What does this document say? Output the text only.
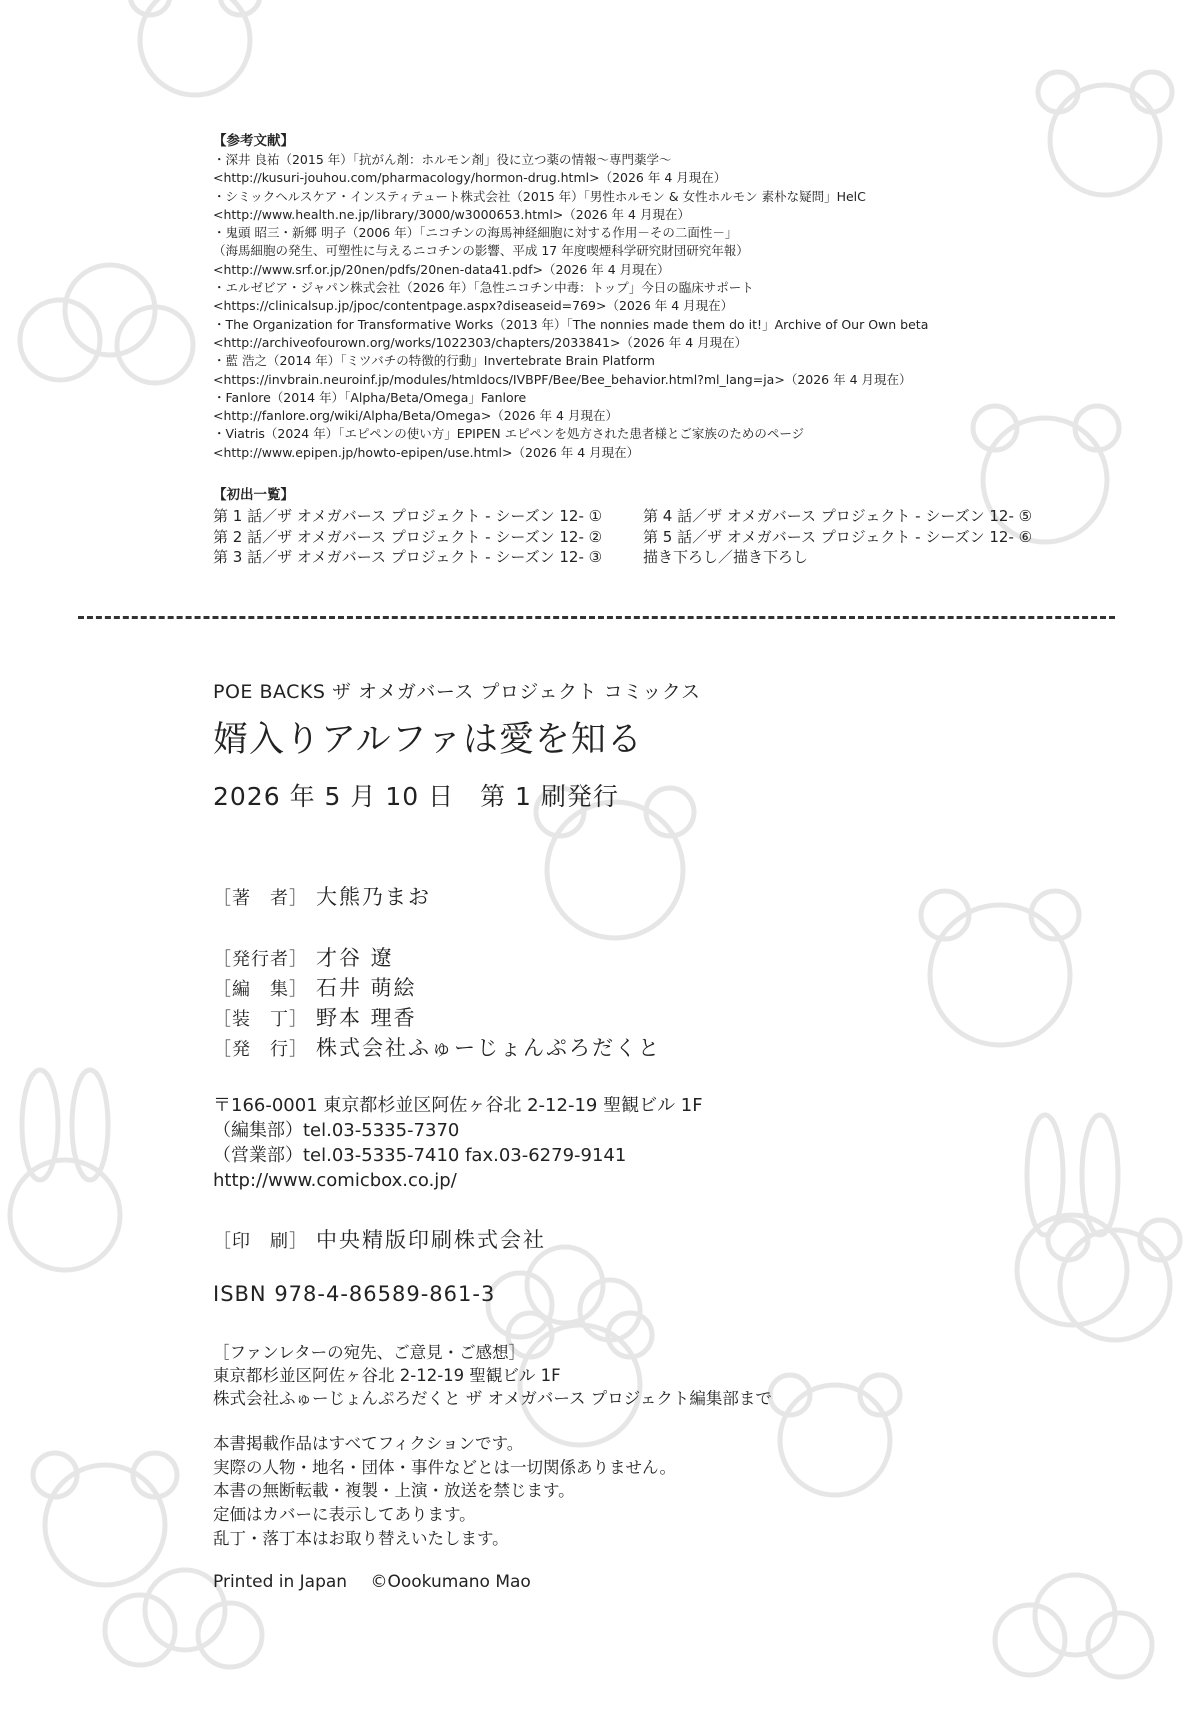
【参考文献】
・深井 良祐（2015 年）「抗がん剤：ホルモン剤」役に立つ薬の情報～専門薬学～
<http://kusuri-jouhou.com/pharmacology/hormon-drug.html>（2026 年 4 月現在）
・シミックヘルスケア・インスティテュート株式会社（2015 年）「男性ホルモン & 女性ホルモン 素朴な疑問」HelC
<http://www.health.ne.jp/library/3000/w3000653.html>（2026 年 4 月現在）
・鬼頭 昭三・新郷 明子（2006 年）「ニコチンの海馬神経細胞に対する作用－その二面性－」
（海馬細胞の発生、可塑性に与えるニコチンの影響、平成 17 年度喫煙科学研究財団研究年報）
<http://www.srf.or.jp/20nen/pdfs/20nen-data41.pdf>（2026 年 4 月現在）
・エルゼビア・ジャパン株式会社（2026 年）「急性ニコチン中毒：トップ」今日の臨床サポート
<https://clinicalsup.jp/jpoc/contentpage.aspx?diseaseid=769>（2026 年 4 月現在）
・The Organization for Transformative Works（2013 年）「The nonnies made them do it!」Archive of Our Own beta
<http://archiveofourown.org/works/1022303/chapters/2033841>（2026 年 4 月現在）
・藍 浩之（2014 年）「ミツバチの特徴的行動」Invertebrate Brain Platform
<https://invbrain.neuroinf.jp/modules/htmldocs/IVBPF/Bee/Bee_behavior.html?ml_lang=ja>（2026 年 4 月現在）
・Fanlore（2014 年）「Alpha/Beta/Omega」Fanlore
<http://fanlore.org/wiki/Alpha/Beta/Omega>（2026 年 4 月現在）
・Viatris（2024 年）「エピペンの使い方」EPIPEN エピペンを処方された患者様とご家族のためのページ
<http://www.epipen.jp/howto-epipen/use.html>（2026 年 4 月現在）
【初出一覧】
第 1 話／ザ オメガバース プロジェクト - シーズン 12- ①	第 4 話／ザ オメガバース プロジェクト - シーズン 12- ⑤
第 2 話／ザ オメガバース プロジェクト - シーズン 12- ②	第 5 話／ザ オメガバース プロジェクト - シーズン 12- ⑥
第 3 話／ザ オメガバース プロジェクト - シーズン 12- ③	描き下ろし／描き下ろし
POE BACKS ザ オメガバース プロジェクト コミックス
婿入りアルファは愛を知る
2026 年 5 月 10 日　第 1 刷発行
［著　者］ 大熊乃まお
［発行者］ 才谷 遼
［編　集］ 石井 萌絵
［装　丁］ 野本 理香
［発　行］ 株式会社ふゅーじょんぷろだくと
〒166-0001 東京都杉並区阿佐ヶ谷北 2-12-19 聖観ビル 1F
（編集部）tel.03-5335-7370
（営業部）tel.03-5335-7410 fax.03-6279-9141
http://www.comicbox.co.jp/
［印　刷］ 中央精版印刷株式会社
ISBN 978-4-86589-861-3
［ファンレターの宛先、ご意見・ご感想］
東京都杉並区阿佐ヶ谷北 2-12-19 聖観ビル 1F
株式会社ふゅーじょんぷろだくと ザ オメガバース プロジェクト編集部まで
本書掲載作品はすべてフィクションです。
実際の人物・地名・団体・事件などとは一切関係ありません。
本書の無断転載・複製・上演・放送を禁じます。
定価はカバーに表示してあります。
乱丁・落丁本はお取り替えいたします。
Printed in Japan ©Oookumano Mao
